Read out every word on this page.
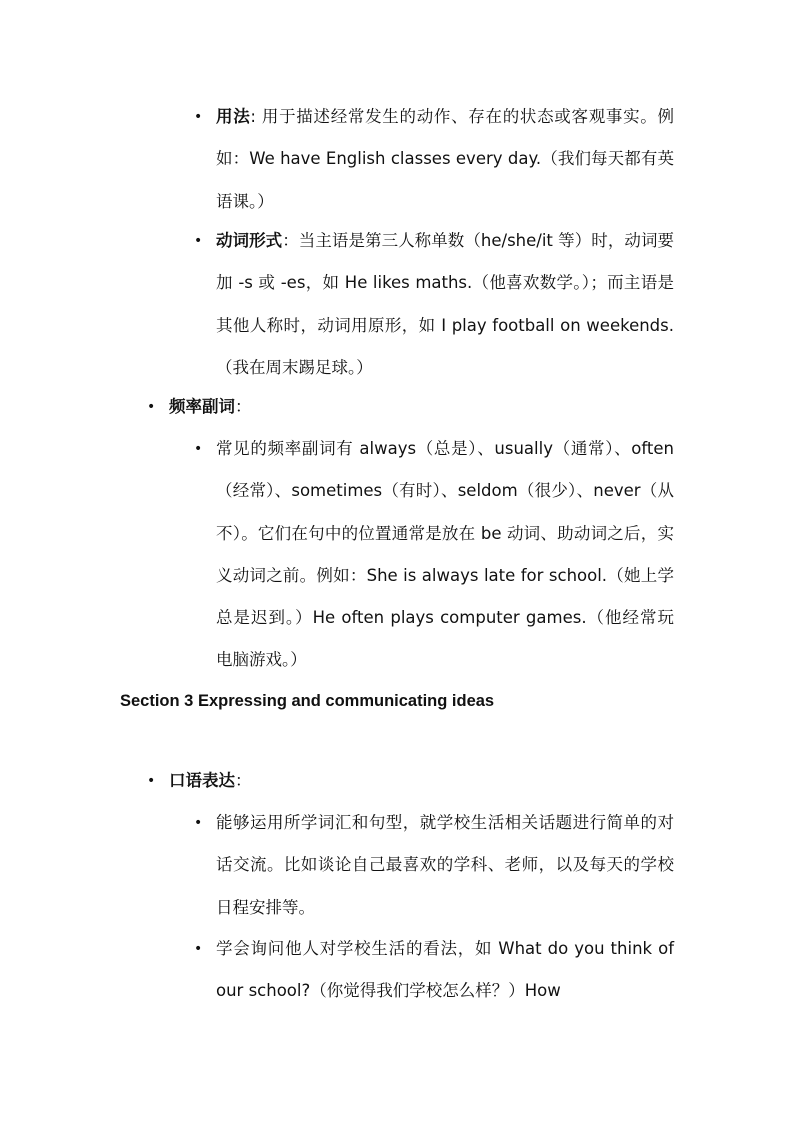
• 用法: 用于描述经常发生的动作、存在的状态或客观事实。例如：We have English classes every day.（我们每天都有英语课。）
• 动词形式：当主语是第三人称单数（he/she/it 等）时，动词要加 -s 或 -es，如 He likes maths.（他喜欢数学。）；而主语是其他人称时，动词用原形，如 I play football on weekends.（我在周末踢足球。）
• 频率副词：
• 常见的频率副词有 always（总是）、usually（通常）、often（经常）、sometimes（有时）、seldom（很少）、never（从不）。它们在句中的位置通常是放在 be 动词、助动词之后，实义动词之前。例如：She is always late for school.（她上学总是迟到。）He often plays computer games.（他经常玩电脑游戏。）
Section 3 Expressing and communicating ideas
• 口语表达：
• 能够运用所学词汇和句型，就学校生活相关话题进行简单的对话交流。比如谈论自己最喜欢的学科、老师，以及每天的学校日程安排等。
• 学会询问他人对学校生活的看法，如 What do you think of our school?（你觉得我们学校怎么样？）How
